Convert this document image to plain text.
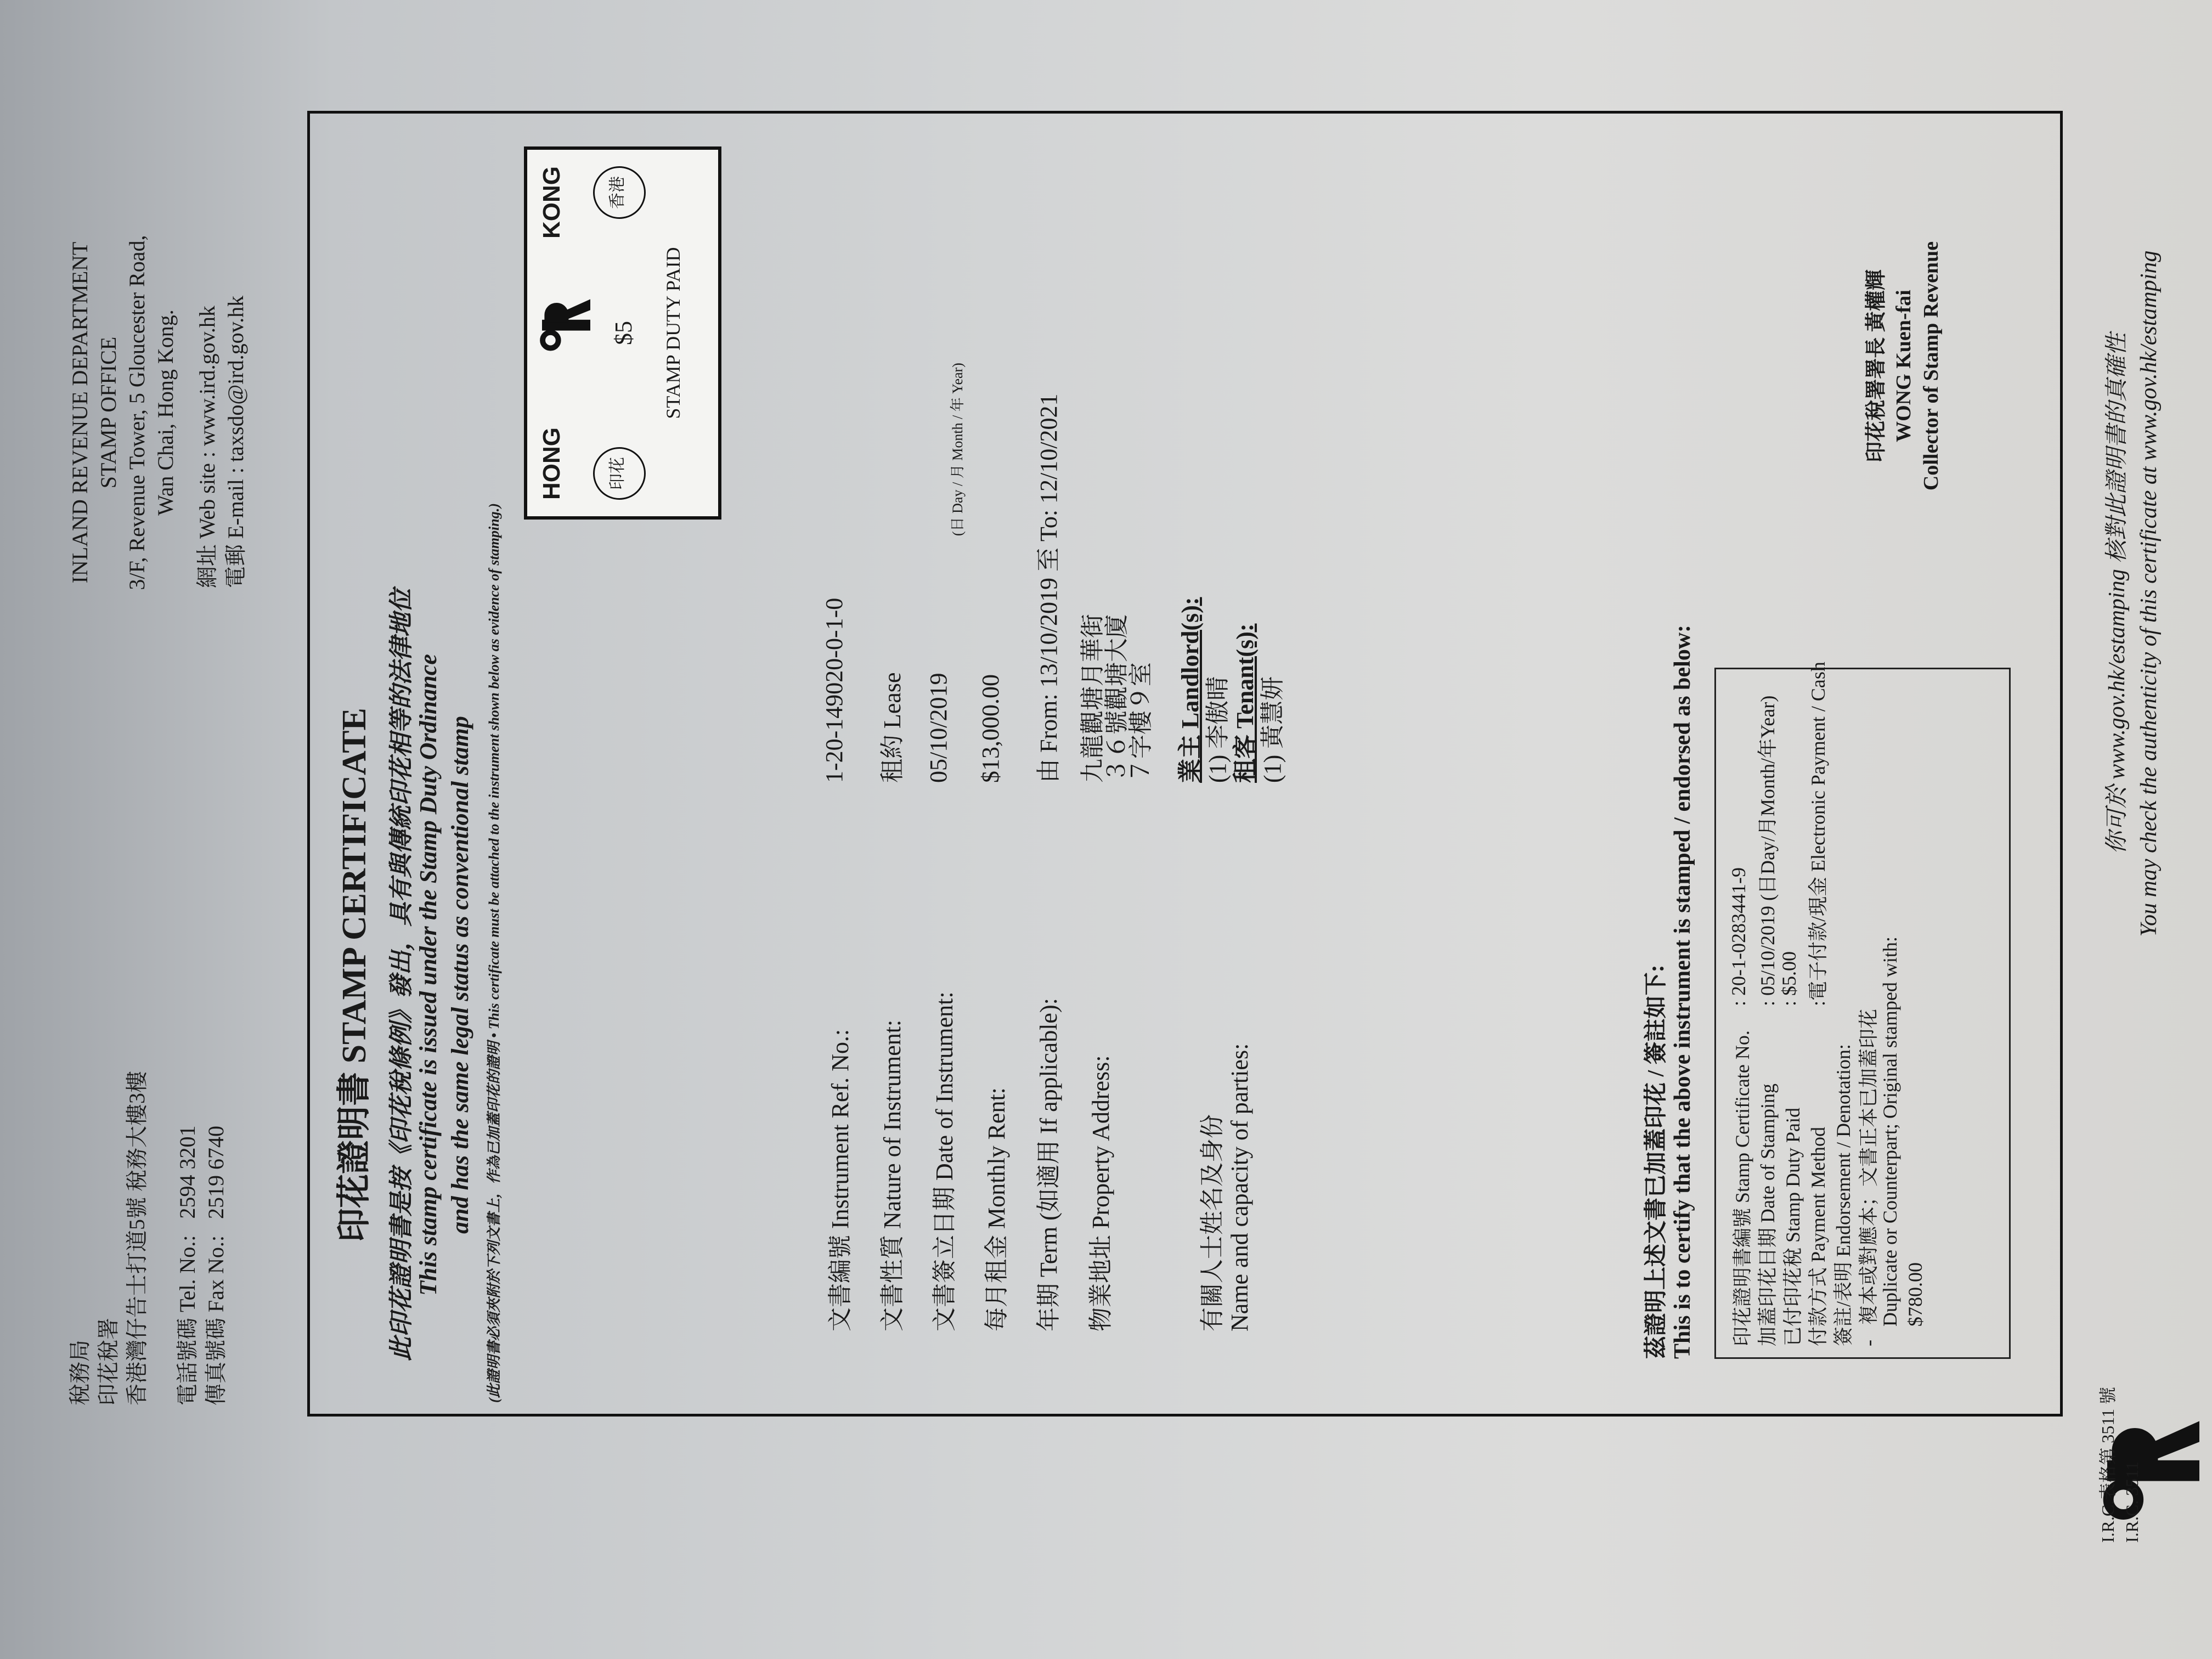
稅務局 印花稅署 香港灣仔告士打道5號 稅務大樓3樓 電話號碼 Tel. No.:   2594 3201
傳真號碼 Fax No.:   2519 6740
INLAND REVENUE DEPARTMENT STAMP OFFICE 3/F, Revenue Tower, 5 Gloucester Road, Wan Chai, Hong Kong.
網址 Web site : www.ird.gov.hk
電郵 E-mail : taxsdo@ird.gov.hk
印花證明書 STAMP CERTIFICATE 此印花證明書是按《印花稅條例》發出，具有與傳統印花相等的法律地位 This stamp certificate is issued under the Stamp Duty Ordinance and has the same legal status as conventional stamp (此證明書必須夾附於下列文書上，作為已加蓋印花的證明 • This certificate must be attached to the instrument shown below as evidence of stamping.)
HONG
KONG
印花
香港
$5 STAMP DUTY PAID
文書編號 Instrument Ref. No.:
1-20-149020-0-1-0
文書性質 Nature of Instrument:
租約 Lease
文書簽立日期 Date of Instrument:
05/10/2019
(日 Day / 月 Month / 年 Year)
每月租金 Monthly Rent:
$13,000.00
年期 Term (如適用 If applicable):
由 From: 13/10/2019 至 To: 12/10/2021
物業地址 Property Address:
九龍觀塘月華街
３６號觀塘大廈
７字樓９室
有關人士姓名及身份
Name and capacity of parties:
業主 Landlord(s):
(1) 李傲晴
租客 Tenant(s):
(1) 黃慧妍
茲證明上述文書已加蓋印花 / 簽註如下: This is to certify that the above instrument is stamped / endorsed as below: 印花證明書編號 Stamp Certificate No.
: 20-1-0283441-9
加蓋印花日期 Date of Stamping
: 05/10/2019 (日Day/月Month/年Year)
已付印花稅 Stamp Duty Paid
: $5.00
付款方式 Payment Method
:電子付款/現金 Electronic Payment / Cash
簽註/表明 Endorsement / Denotation: -   複本或對應本；文書正本已加蓋印花 Duplicate or Counterpart; Original stamped with: $780.00
印花稅署署長 黃權輝 WONG Kuen-fai Collector of Stamp Revenue
I.R.C.表格第 3511 號 I.R.C. 3511
你可於 www.gov.hk/estamping 核對此證明書的真確性 You may check the authenticity of this certificate at www.gov.hk/estamping
